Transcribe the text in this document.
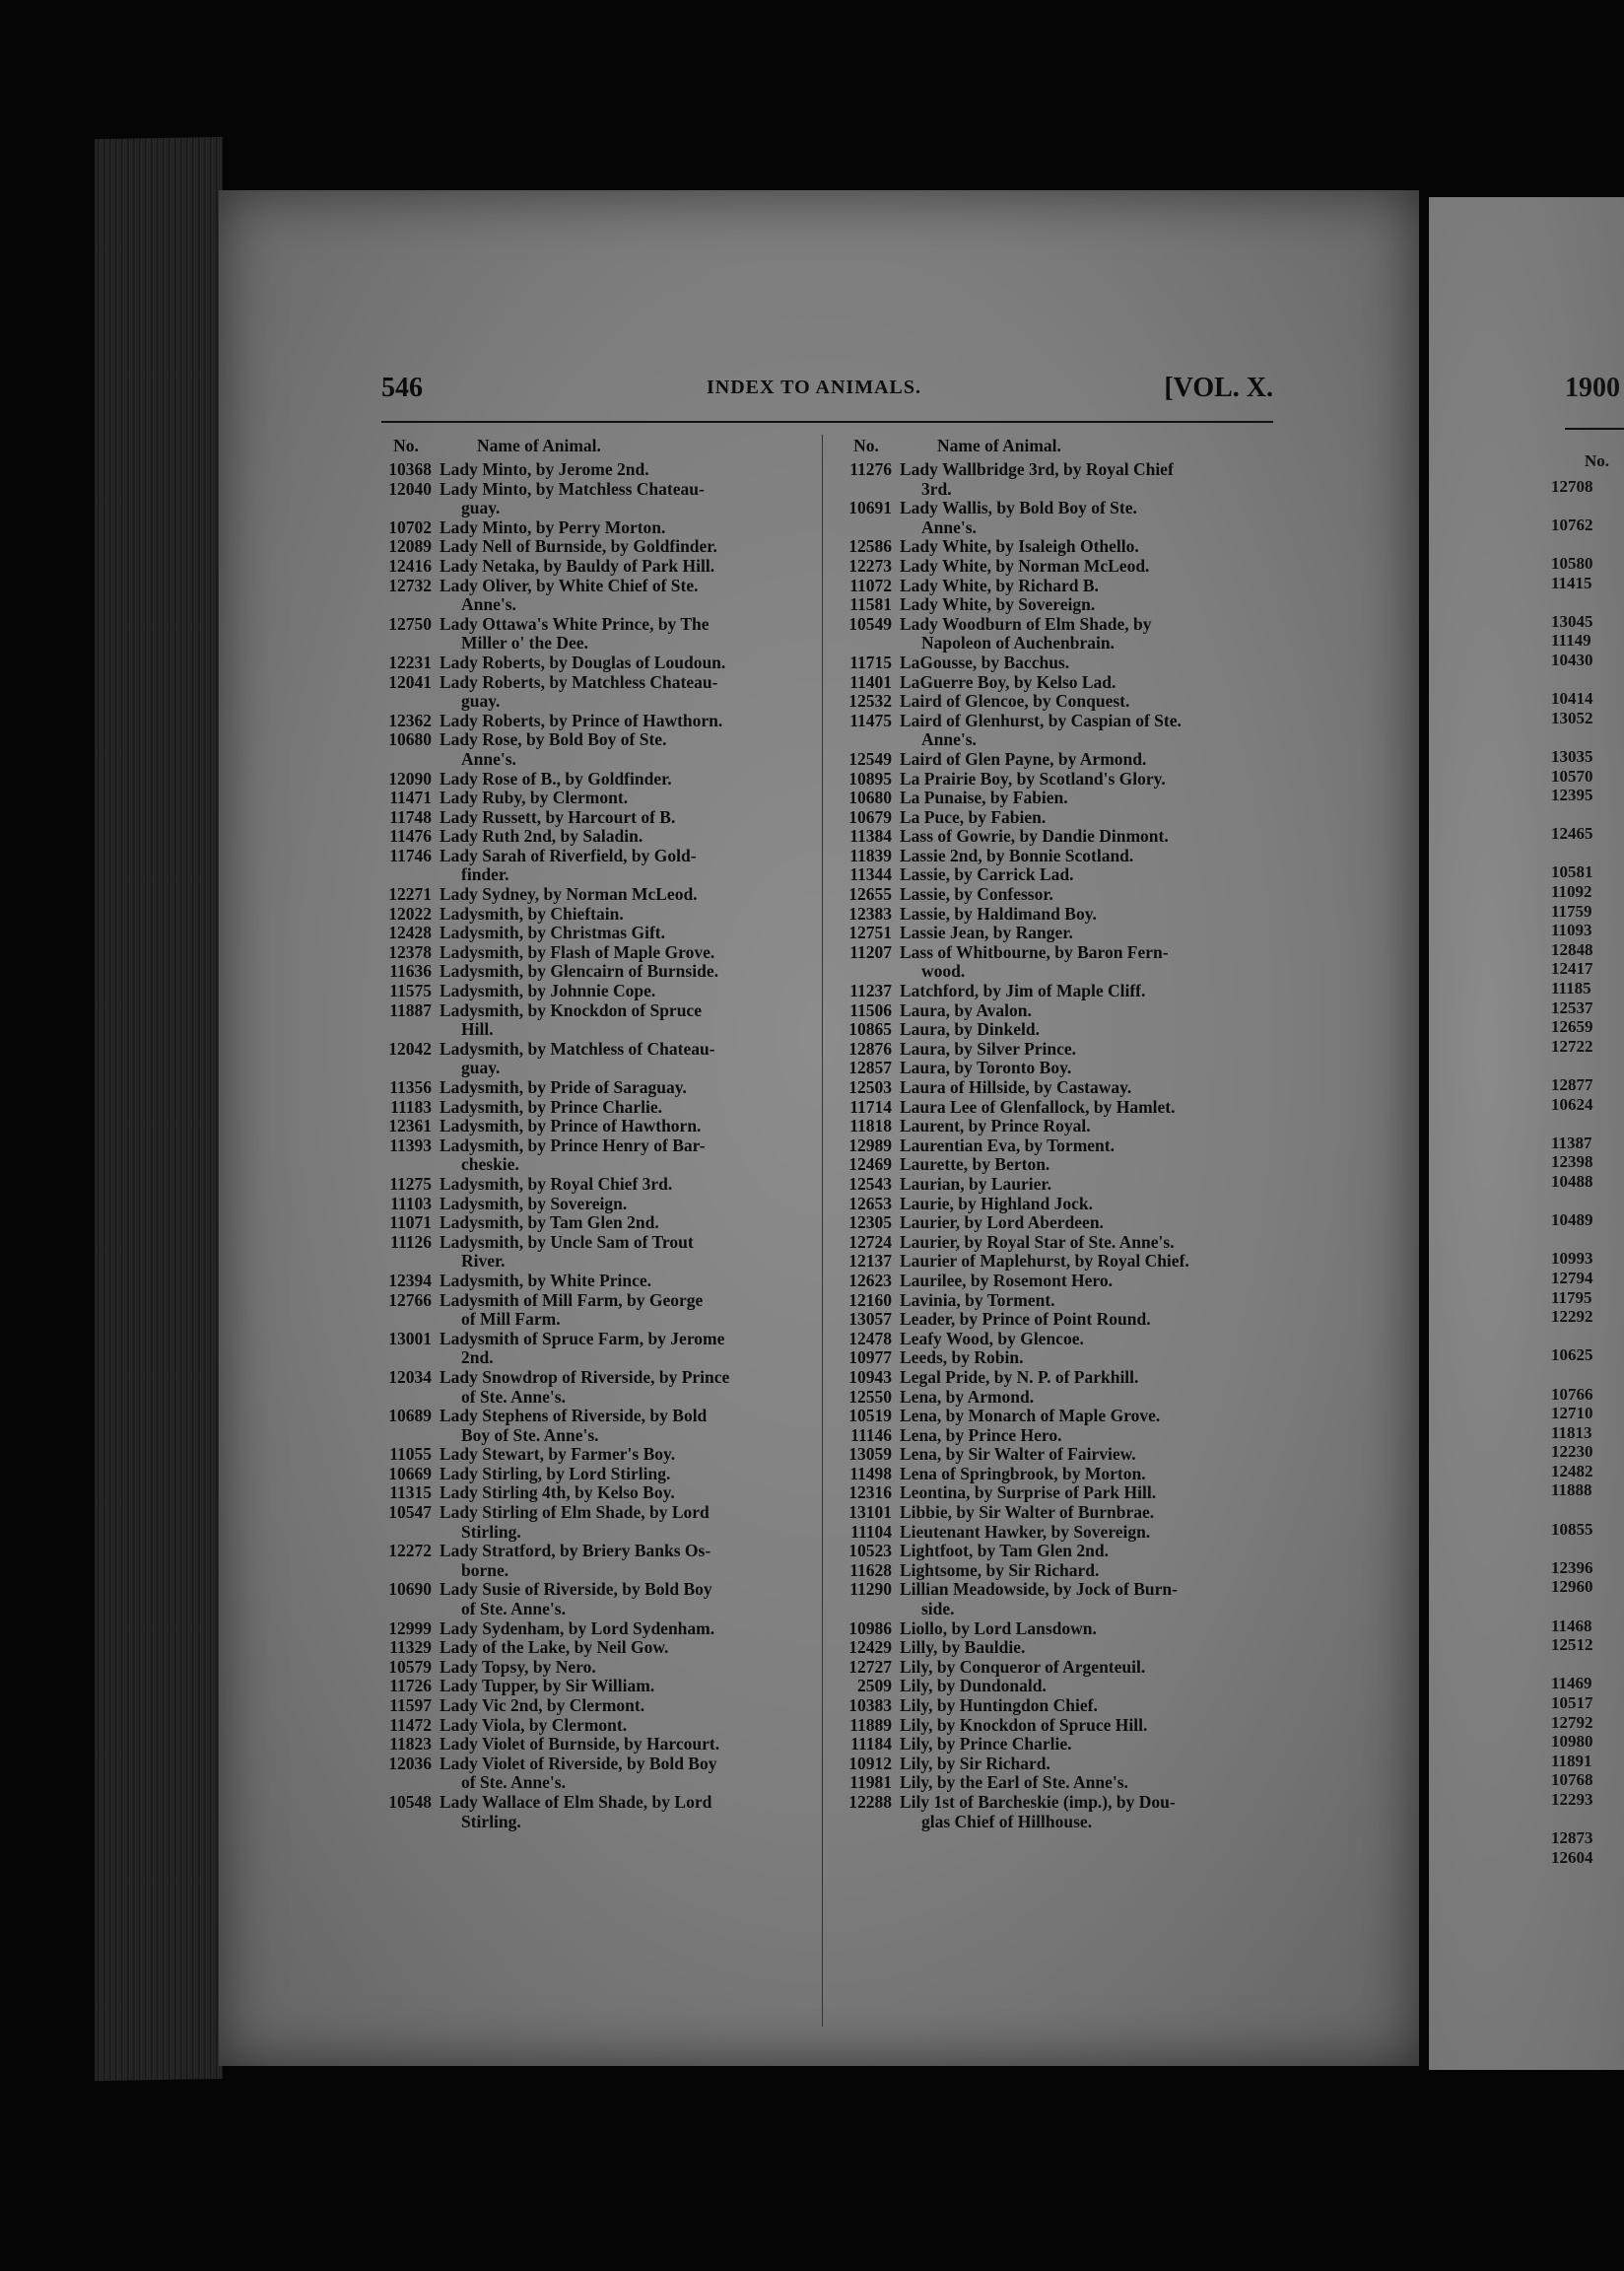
1900
No.
12708

10762

10580
11415

13045
11149
10430

10414
13052

13035
10570
12395

12465

10581
11092
11759
11093
12848
12417
11185
12537
12659
12722

12877
10624

11387
12398
10488

10489

10993
12794
11795
12292

10625

10766
12710
11813
12230
12482
11888

10855

12396
12960

11468
12512

11469
10517
12792
10980
11891
10768
12293

12873
12604
546	INDEX TO ANIMALS.	[VOL. X.
No.	Name of Animal.
10368 Lady Minto, by Jerome 2nd.
12040 Lady Minto, by Matchless Chateau-
guay.
10702 Lady Minto, by Perry Morton.
12089 Lady Nell of Burnside, by Goldfinder.
12416 Lady Netaka, by Bauldy of Park Hill.
12732 Lady Oliver, by White Chief of Ste.
Anne's.
12750 Lady Ottawa's White Prince, by The
Miller o' the Dee.
12231 Lady Roberts, by Douglas of Loudoun.
12041 Lady Roberts, by Matchless Chateau-
guay.
12362 Lady Roberts, by Prince of Hawthorn.
10680 Lady Rose, by Bold Boy of Ste.
Anne's.
12090 Lady Rose of B., by Goldfinder.
11471 Lady Ruby, by Clermont.
11748 Lady Russett, by Harcourt of B.
11476 Lady Ruth 2nd, by Saladin.
11746 Lady Sarah of Riverfield, by Gold-
finder.
12271 Lady Sydney, by Norman McLeod.
12022 Ladysmith, by Chieftain.
12428 Ladysmith, by Christmas Gift.
12378 Ladysmith, by Flash of Maple Grove.
11636 Ladysmith, by Glencairn of Burnside.
11575 Ladysmith, by Johnnie Cope.
11887 Ladysmith, by Knockdon of Spruce
Hill.
12042 Ladysmith, by Matchless of Chateau-
guay.
11356 Ladysmith, by Pride of Saraguay.
11183 Ladysmith, by Prince Charlie.
12361 Ladysmith, by Prince of Hawthorn.
11393 Ladysmith, by Prince Henry of Bar-
cheskie.
11275 Ladysmith, by Royal Chief 3rd.
11103 Ladysmith, by Sovereign.
11071 Ladysmith, by Tam Glen 2nd.
11126 Ladysmith, by Uncle Sam of Trout
River.
12394 Ladysmith, by White Prince.
12766 Ladysmith of Mill Farm, by George
of Mill Farm.
13001 Ladysmith of Spruce Farm, by Jerome
2nd.
12034 Lady Snowdrop of Riverside, by Prince
of Ste. Anne's.
10689 Lady Stephens of Riverside, by Bold
Boy of Ste. Anne's.
11055 Lady Stewart, by Farmer's Boy.
10669 Lady Stirling, by Lord Stirling.
11315 Lady Stirling 4th, by Kelso Boy.
10547 Lady Stirling of Elm Shade, by Lord
Stirling.
12272 Lady Stratford, by Briery Banks Os-
borne.
10690 Lady Susie of Riverside, by Bold Boy
of Ste. Anne's.
12999 Lady Sydenham, by Lord Sydenham.
11329 Lady of the Lake, by Neil Gow.
10579 Lady Topsy, by Nero.
11726 Lady Tupper, by Sir William.
11597 Lady Vic 2nd, by Clermont.
11472 Lady Viola, by Clermont.
11823 Lady Violet of Burnside, by Harcourt.
12036 Lady Violet of Riverside, by Bold Boy
of Ste. Anne's.
10548 Lady Wallace of Elm Shade, by Lord
Stirling.
No.	Name of Animal.
11276 Lady Wallbridge 3rd, by Royal Chief
3rd.
10691 Lady Wallis, by Bold Boy of Ste.
Anne's.
12586 Lady White, by Isaleigh Othello.
12273 Lady White, by Norman McLeod.
11072 Lady White, by Richard B.
11581 Lady White, by Sovereign.
10549 Lady Woodburn of Elm Shade, by
Napoleon of Auchenbrain.
11715 LaGousse, by Bacchus.
11401 LaGuerre Boy, by Kelso Lad.
12532 Laird of Glencoe, by Conquest.
11475 Laird of Glenhurst, by Caspian of Ste.
Anne's.
12549 Laird of Glen Payne, by Armond.
10895 La Prairie Boy, by Scotland's Glory.
10680 La Punaise, by Fabien.
10679 La Puce, by Fabien.
11384 Lass of Gowrie, by Dandie Dinmont.
11839 Lassie 2nd, by Bonnie Scotland.
11344 Lassie, by Carrick Lad.
12655 Lassie, by Confessor.
12383 Lassie, by Haldimand Boy.
12751 Lassie Jean, by Ranger.
11207 Lass of Whitbourne, by Baron Fern-
wood.
11237 Latchford, by Jim of Maple Cliff.
11506 Laura, by Avalon.
10865 Laura, by Dinkeld.
12876 Laura, by Silver Prince.
12857 Laura, by Toronto Boy.
12503 Laura of Hillside, by Castaway.
11714 Laura Lee of Glenfallock, by Hamlet.
11818 Laurent, by Prince Royal.
12989 Laurentian Eva, by Torment.
12469 Laurette, by Berton.
12543 Laurian, by Laurier.
12653 Laurie, by Highland Jock.
12305 Laurier, by Lord Aberdeen.
12724 Laurier, by Royal Star of Ste. Anne's.
12137 Laurier of Maplehurst, by Royal Chief.
12623 Laurilee, by Rosemont Hero.
12160 Lavinia, by Torment.
13057 Leader, by Prince of Point Round.
12478 Leafy Wood, by Glencoe.
10977 Leeds, by Robin.
10943 Legal Pride, by N. P. of Parkhill.
12550 Lena, by Armond.
10519 Lena, by Monarch of Maple Grove.
11146 Lena, by Prince Hero.
13059 Lena, by Sir Walter of Fairview.
11498 Lena of Springbrook, by Morton.
12316 Leontina, by Surprise of Park Hill.
13101 Libbie, by Sir Walter of Burnbrae.
11104 Lieutenant Hawker, by Sovereign.
10523 Lightfoot, by Tam Glen 2nd.
11628 Lightsome, by Sir Richard.
11290 Lillian Meadowside, by Jock of Burn-
side.
10986 Liollo, by Lord Lansdown.
12429 Lilly, by Bauldie.
12727 Lily, by Conqueror of Argenteuil.
2509 Lily, by Dundonald.
10383 Lily, by Huntingdon Chief.
11889 Lily, by Knockdon of Spruce Hill.
11184 Lily, by Prince Charlie.
10912 Lily, by Sir Richard.
11981 Lily, by the Earl of Ste. Anne's.
12288 Lily 1st of Barcheskie (imp.), by Dou-
glas Chief of Hillhouse.
